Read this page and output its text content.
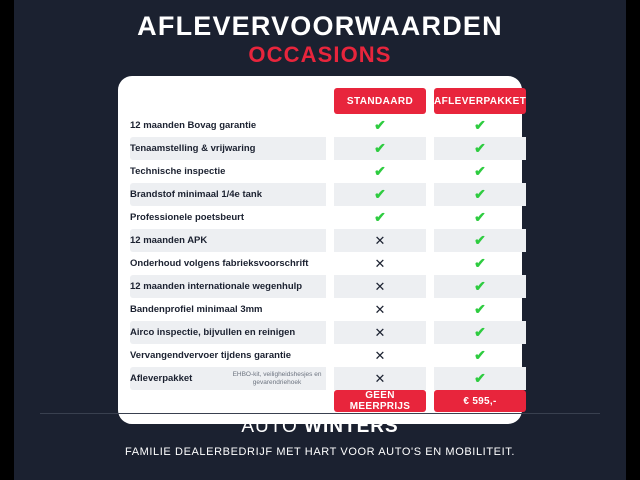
AFLEVERVOORWAARDEN
OCCASIONS
		STANDAARD		AFLEVERPAKKET
12 maanden Bovag garantie		✔		✔
Tenaamstelling & vrijwaring		✔		✔
Technische inspectie		✔		✔
Brandstof minimaal 1/4e tank		✔		✔
Professionele poetsbeurt		✔		✔
12 maanden APK		✕		✔
Onderhoud volgens fabrieksvoorschrift		✕		✔
12 maanden internationale wegenhulp		✕		✔
Bandenprofiel minimaal 3mm		✕		✔
Airco inspectie, bijvullen en reinigen		✕		✔
Vervangendvervoer tijdens garantie		✕		✔

Afleverpakket EHBO-kit, veiligheidshesjes en gevarendriehoek		✕		✔
		GEEN MEERPRIJS		€ 595,-
AUTO WINTERS
FAMILIE DEALERBEDRIJF MET HART VOOR AUTO'S EN MOBILITEIT.
